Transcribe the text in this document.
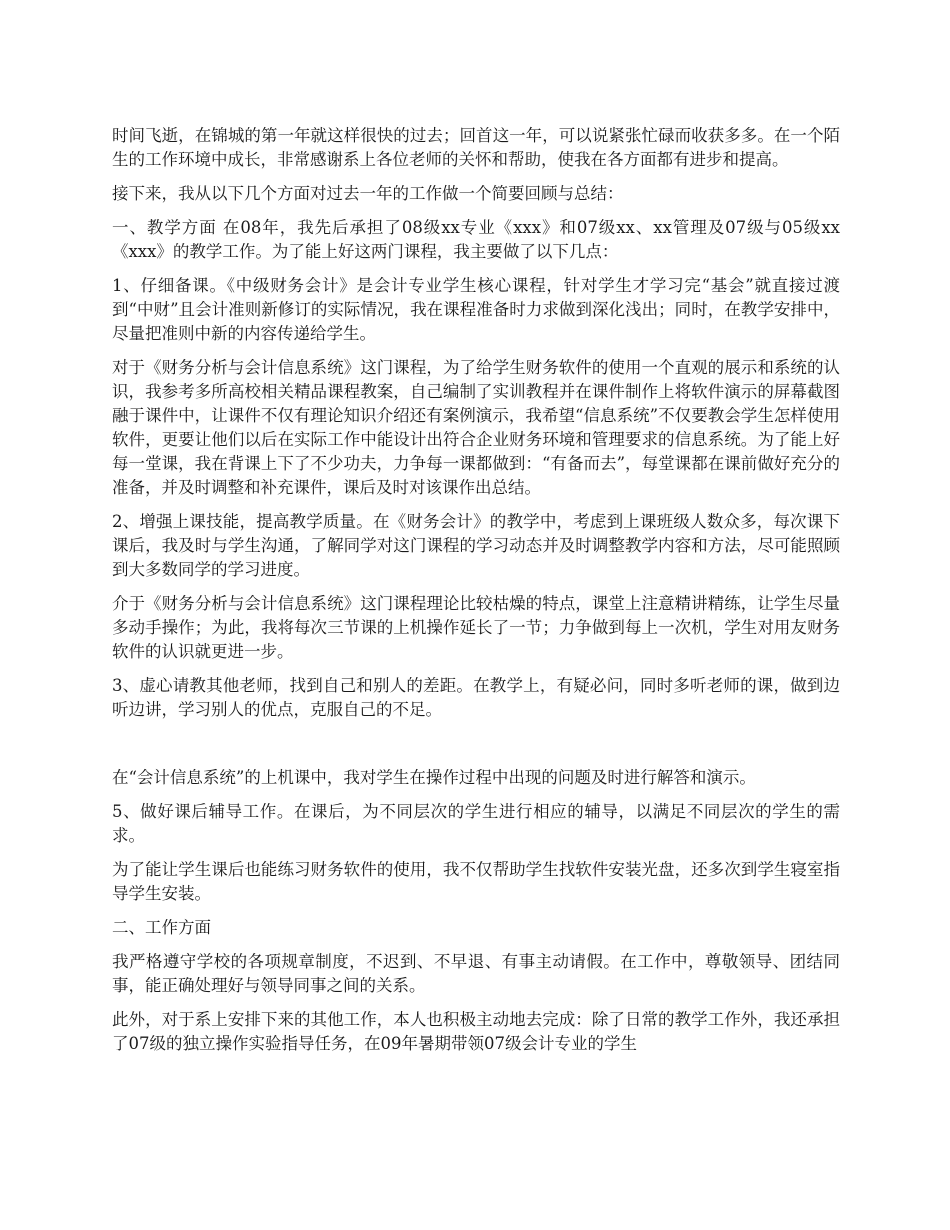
时间飞逝，在锦城的第一年就这样很快的过去；回首这一年，可以说紧张忙碌而收获多多。在一个陌生的工作环境中成长，非常感谢系上各位老师的关怀和帮助，使我在各方面都有进步和提高。

接下来，我从以下几个方面对过去一年的工作做一个简要回顾与总结：

一、教学方面 在08年，我先后承担了08级xx专业《xxx》和07级xx、xx管理及07级与05级xx《xxx》的教学工作。为了能上好这两门课程，我主要做了以下几点：

1、仔细备课。《中级财务会计》是会计专业学生核心课程，针对学生才学习完“基会”就直接过渡到“中财”且会计准则新修订的实际情况，我在课程准备时力求做到深化浅出；同时，在教学安排中，尽量把准则中新的内容传递给学生。

对于《财务分析与会计信息系统》这门课程，为了给学生财务软件的使用一个直观的展示和系统的认识，我参考多所高校相关精品课程教案，自己编制了实训教程并在课件制作上将软件演示的屏幕截图融于课件中，让课件不仅有理论知识介绍还有案例演示，我希望“信息系统”不仅要教会学生怎样使用软件，更要让他们以后在实际工作中能设计出符合企业财务环境和管理要求的信息系统。为了能上好每一堂课，我在背课上下了不少功夫，力争每一课都做到：“有备而去”，每堂课都在课前做好充分的准备，并及时调整和补充课件，课后及时对该课作出总结。

2、增强上课技能，提高教学质量。在《财务会计》的教学中，考虑到上课班级人数众多，每次课下课后，我及时与学生沟通，了解同学对这门课程的学习动态并及时调整教学内容和方法，尽可能照顾到大多数同学的学习进度。

介于《财务分析与会计信息系统》这门课程理论比较枯燥的特点，课堂上注意精讲精练，让学生尽量多动手操作；为此，我将每次三节课的上机操作延长了一节；力争做到每上一次机，学生对用友财务软件的认识就更进一步。

3、虚心请教其他老师，找到自己和别人的差距。在教学上，有疑必问，同时多听老师的课，做到边听边讲，学习别人的优点，克服自己的不足。

在“会计信息系统”的上机课中，我对学生在操作过程中出现的问题及时进行解答和演示。

5、做好课后辅导工作。在课后，为不同层次的学生进行相应的辅导，以满足不同层次的学生的需求。

为了能让学生课后也能练习财务软件的使用，我不仅帮助学生找软件安装光盘，还多次到学生寝室指导学生安装。

二、工作方面

我严格遵守学校的各项规章制度，不迟到、不早退、有事主动请假。在工作中，尊敬领导、团结同事，能正确处理好与领导同事之间的关系。

此外，对于系上安排下来的其他工作，本人也积极主动地去完成：除了日常的教学工作外，我还承担了07级的独立操作实验指导任务，在09年暑期带领07级会计专业的学生
